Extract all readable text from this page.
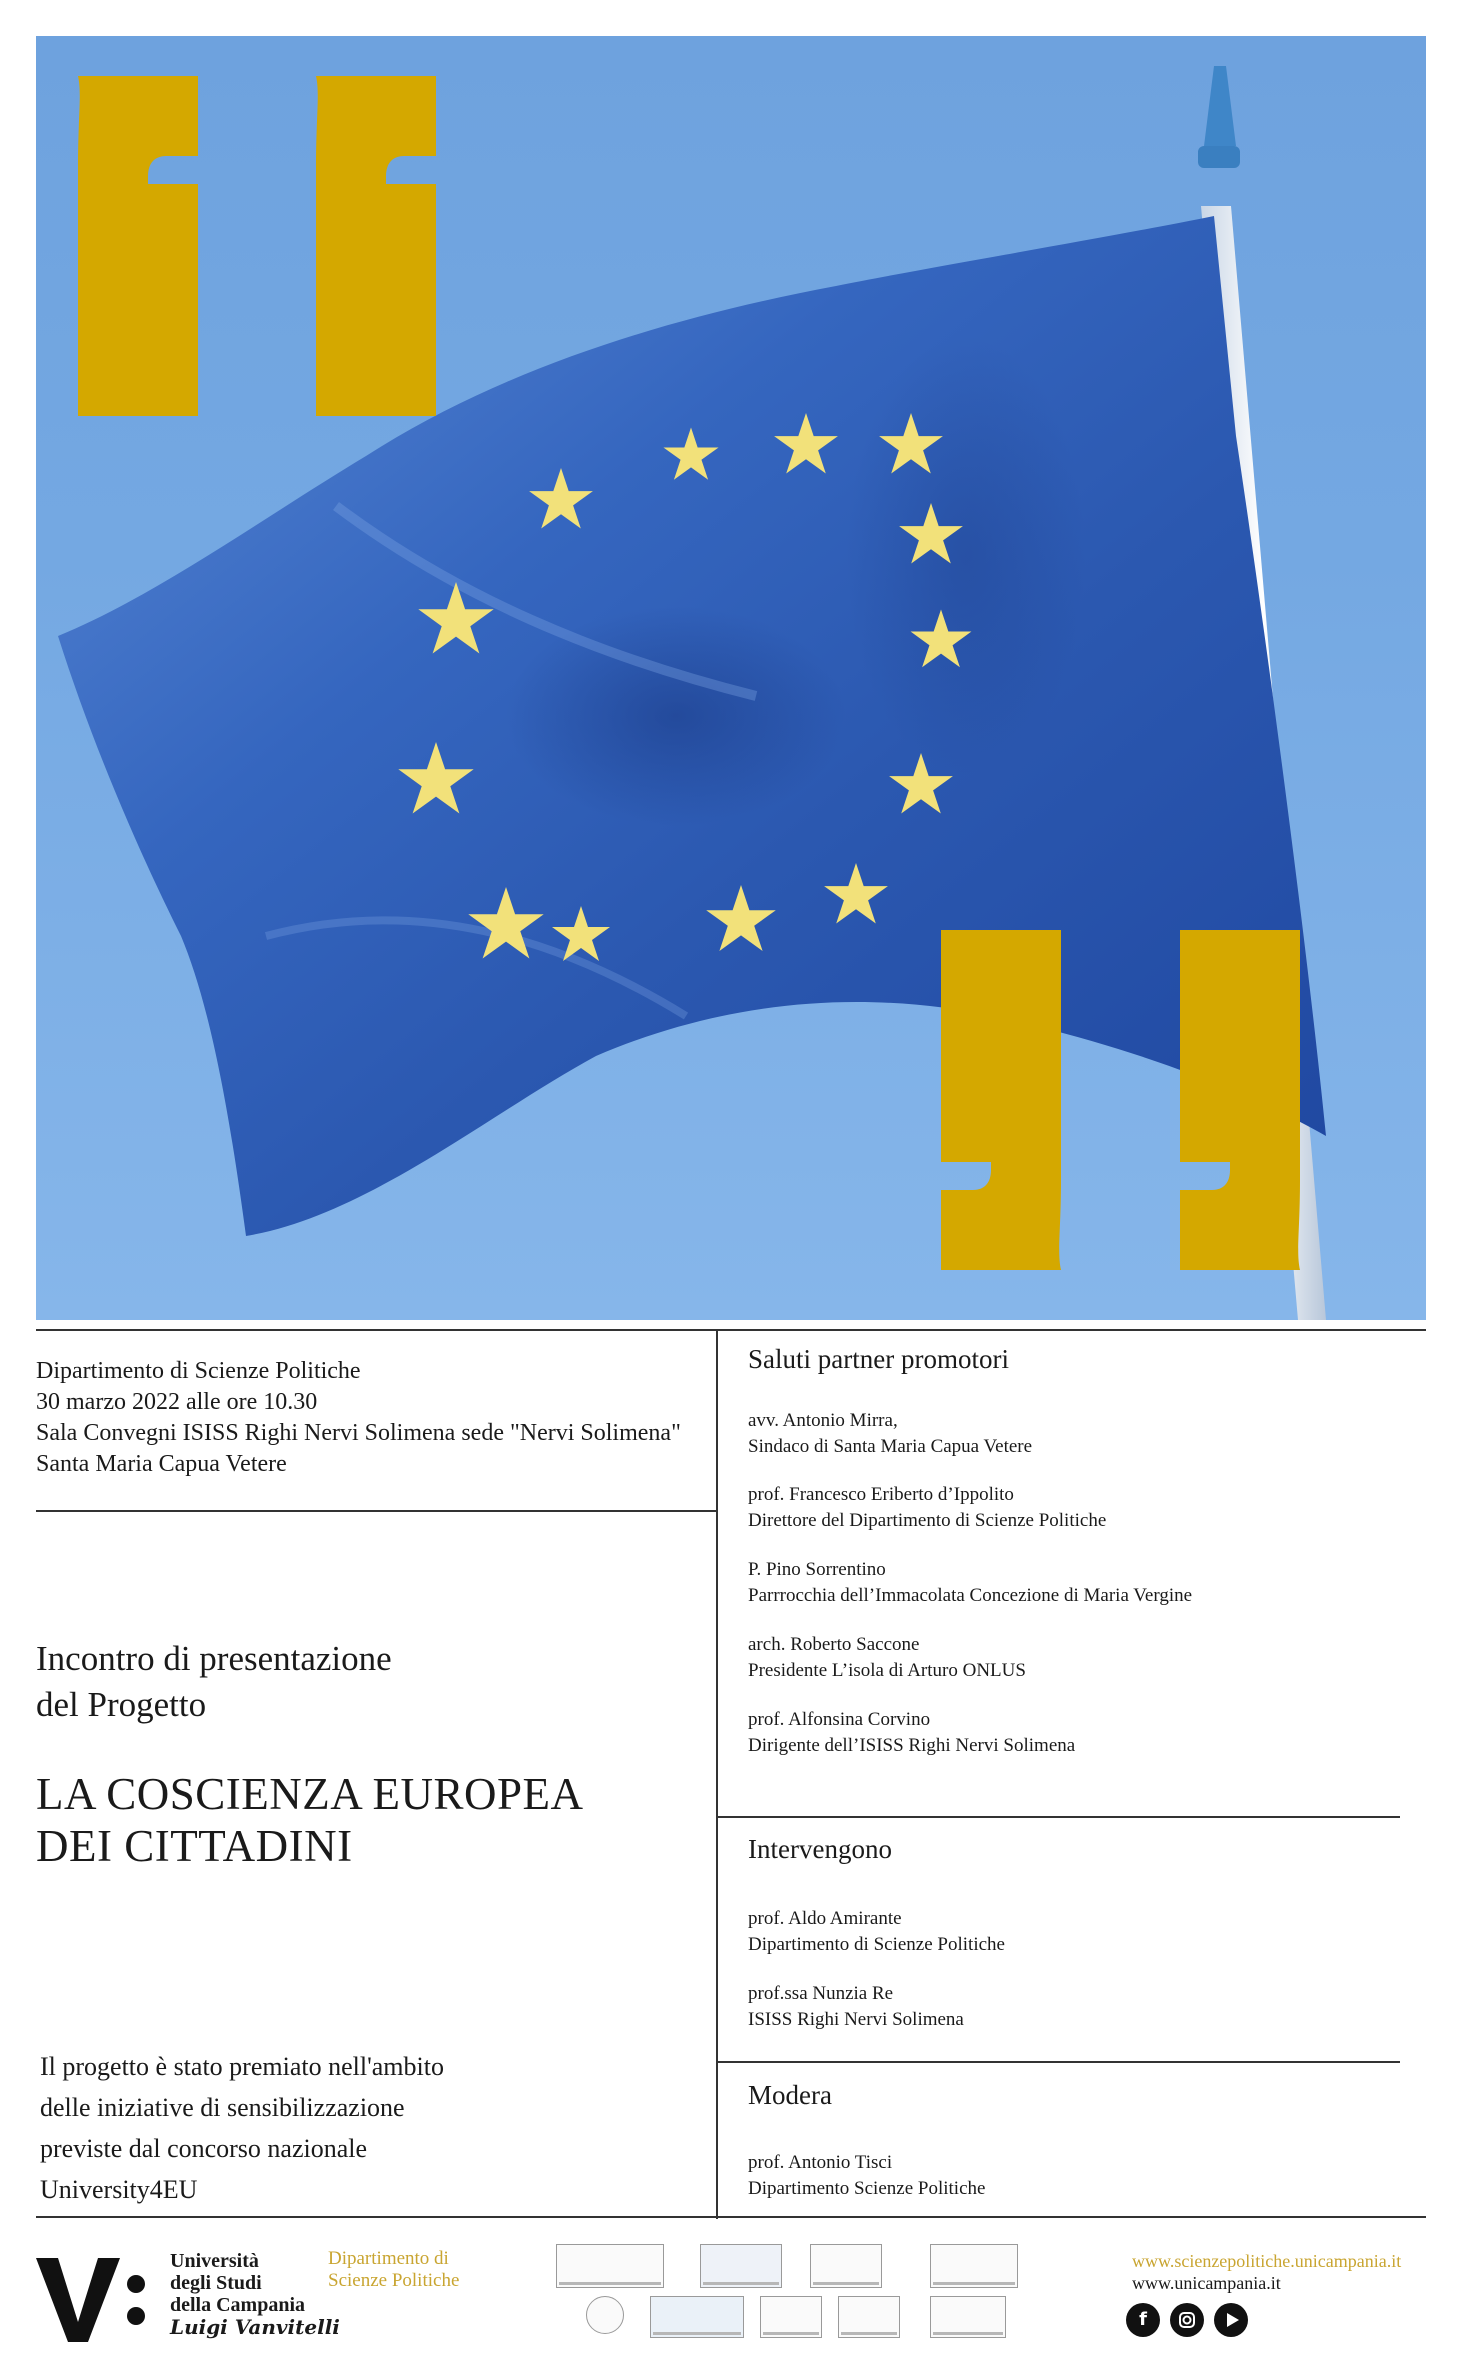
Dipartimento di Scienze Politiche
30 marzo 2022 alle ore 10.30
Sala Convegni ISISS Righi Nervi Solimena sede "Nervi Solimena"
Santa Maria Capua Vetere
Incontro di presentazione
del Progetto
LA COSCIENZA EUROPEA
DEI CITTADINI
Il progetto è stato premiato nell'ambito
delle iniziative di sensibilizzazione
previste dal concorso nazionale
University4EU
Saluti partner promotori
avv. Antonio Mirra,
Sindaco di Santa Maria Capua Vetere
prof. Francesco Eriberto d’Ippolito
Direttore del Dipartimento di Scienze Politiche
P. Pino Sorrentino
Parrrocchia dell’Immacolata Concezione di Maria Vergine
arch. Roberto Saccone
Presidente L’isola di Arturo ONLUS
prof. Alfonsina Corvino
Dirigente dell’ISISS Righi Nervi Solimena
Intervengono
prof. Aldo Amirante
Dipartimento di Scienze Politiche
prof.ssa Nunzia Re
ISISS Righi Nervi Solimena
Modera
prof. Antonio Tisci
Dipartimento Scienze Politiche
Università
degli Studi
della Campania
Luigi Vanvitelli
Dipartimento di
Scienze Politiche
www.scienzepolitiche.unicampania.it
www.unicampania.it
f
